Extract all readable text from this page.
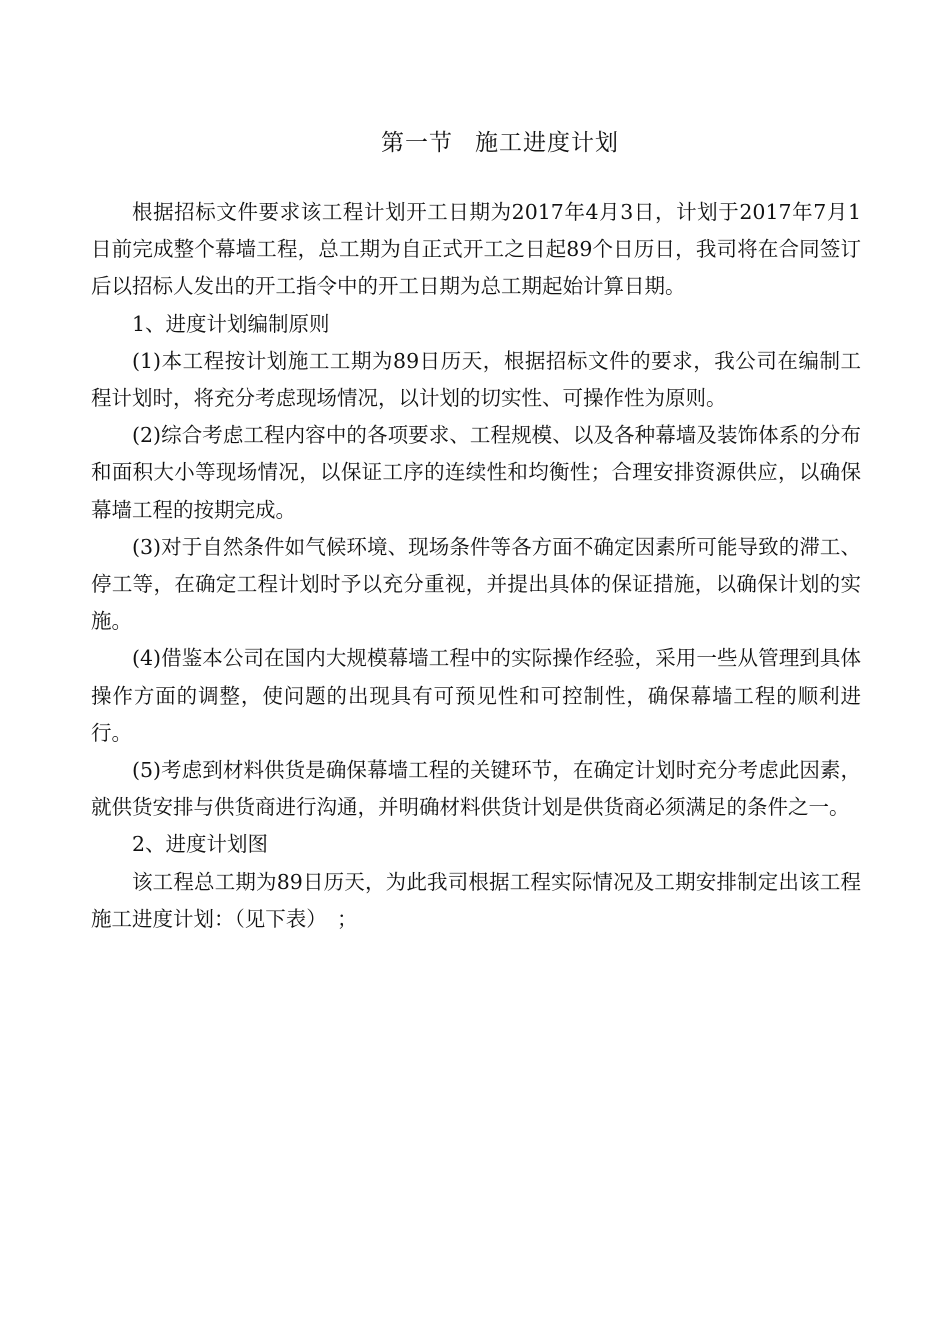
第一节 施工进度计划

根据招标文件要求该工程计划开工日期为2017年4月3日，计划于2017年7月1日前完成整个幕墙工程，总工期为自正式开工之日起89个日历日，我司将在合同签订后以招标人发出的开工指令中的开工日期为总工期起始计算日期。

1、进度计划编制原则

(1)本工程按计划施工工期为89日历天，根据招标文件的要求，我公司在编制工程计划时，将充分考虑现场情况，以计划的切实性、可操作性为原则。

(2)综合考虑工程内容中的各项要求、工程规模、以及各种幕墙及装饰体系的分布和面积大小等现场情况，以保证工序的连续性和均衡性；合理安排资源供应，以确保幕墙工程的按期完成。

(3)对于自然条件如气候环境、现场条件等各方面不确定因素所可能导致的滞工、停工等，在确定工程计划时予以充分重视，并提出具体的保证措施，以确保计划的实施。

(4)借鉴本公司在国内大规模幕墙工程中的实际操作经验，采用一些从管理到具体操作方面的调整，使问题的出现具有可预见性和可控制性，确保幕墙工程的顺利进行。

(5)考虑到材料供货是确保幕墙工程的关键环节，在确定计划时充分考虑此因素，就供货安排与供货商进行沟通，并明确材料供货计划是供货商必须满足的条件之一。

2、进度计划图

该工程总工期为89日历天，为此我司根据工程实际情况及工期安排制定出该工程施工进度计划：（见下表）　；
